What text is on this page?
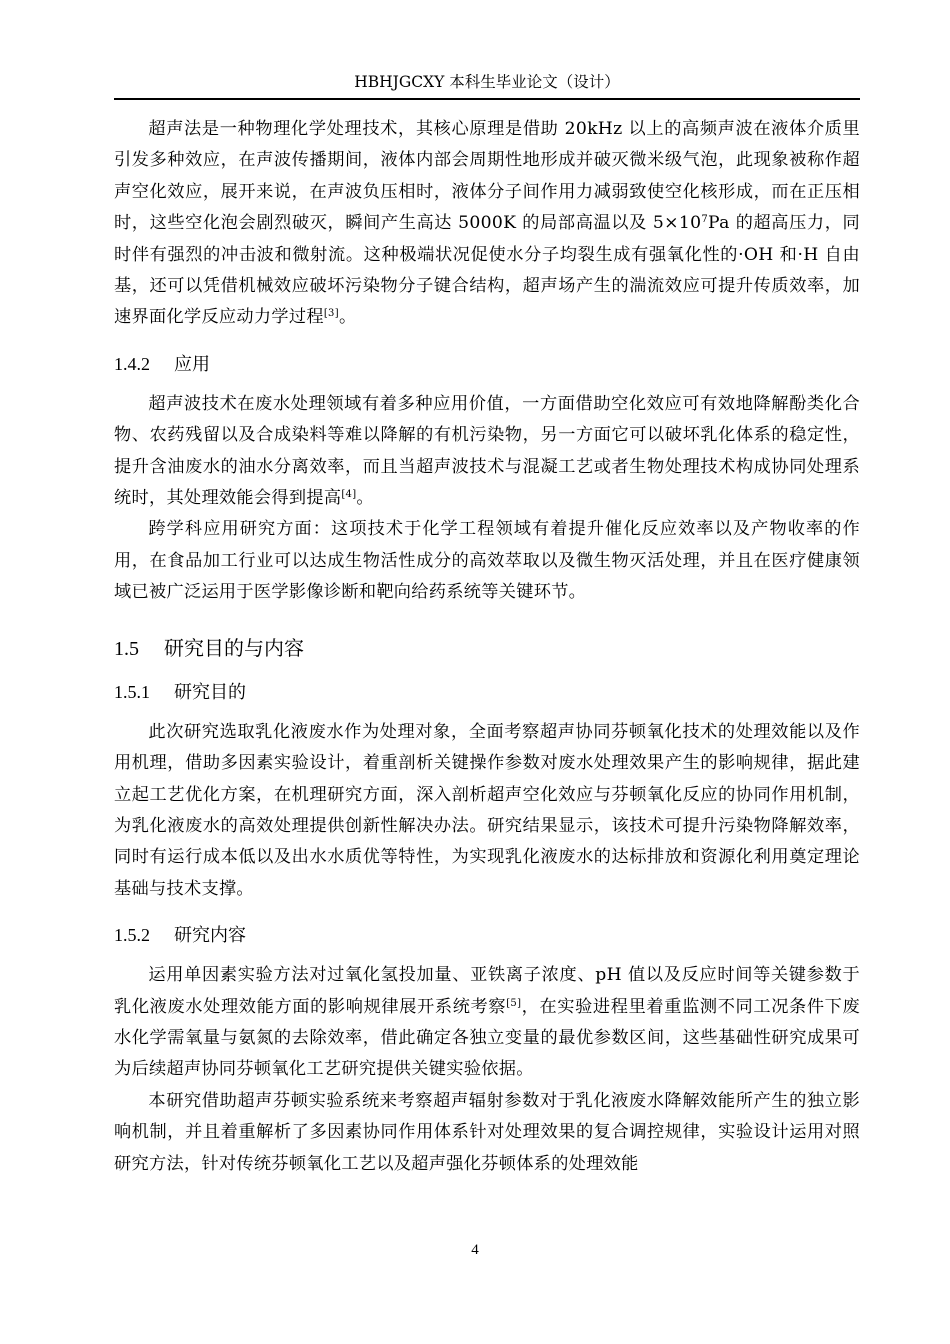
HBHJGCXY 本科生毕业论文（设计）

超声法是一种物理化学处理技术，其核心原理是借助 20kHz 以上的高频声波在液体介质里引发多种效应，在声波传播期间，液体内部会周期性地形成并破灭微米级气泡，此现象被称作超声空化效应，展开来说，在声波负压相时，液体分子间作用力减弱致使空化核形成，而在正压相时，这些空化泡会剧烈破灭，瞬间产生高达 5000K 的局部高温以及 $5\times 10^7Pa$ 的超高压力，同时伴有强烈的冲击波和微射流。这种极端状况促使水分子均裂生成有强氧化性的·OH 和·H 自由基，还可以凭借机械效应破坏污染物分子键合结构，超声场产生的湍流效应可提升传质效率，加速界面化学反应动力学过程[3]。

1.4.2 应用

超声波技术在废水处理领域有着多种应用价值，一方面借助空化效应可有效地降解酚类化合物、农药残留以及合成染料等难以降解的有机污染物，另一方面它可以破坏乳化体系的稳定性，提升含油废水的油水分离效率，而且当超声波技术与混凝工艺或者生物处理技术构成协同处理系统时，其处理效能会得到提高[4]。

跨学科应用研究方面：这项技术于化学工程领域有着提升催化反应效率以及产物收率的作用，在食品加工行业可以达成生物活性成分的高效萃取以及微生物灭活处理，并且在医疗健康领域已被广泛运用于医学影像诊断和靶向给药系统等关键环节。

1.5 研究目的与内容
1.5.1 研究目的

此次研究选取乳化液废水作为处理对象，全面考察超声协同芬顿氧化技术的处理效能以及作用机理，借助多因素实验设计，着重剖析关键操作参数对废水处理效果产生的影响规律，据此建立起工艺优化方案，在机理研究方面，深入剖析超声空化效应与芬顿氧化反应的协同作用机制，为乳化液废水的高效处理提供创新性解决办法。研究结果显示，该技术可提升污染物降解效率，同时有运行成本低以及出水水质优等特性，为实现乳化液废水的达标排放和资源化利用奠定理论基础与技术支撑。

1.5.2 研究内容

运用单因素实验方法对过氧化氢投加量、亚铁离子浓度、pH 值以及反应时间等关键参数于乳化液废水处理效能方面的影响规律展开系统考察[5]，在实验进程里着重监测不同工况条件下废水化学需氧量与氨氮的去除效率，借此确定各独立变量的最优参数区间，这些基础性研究成果可为后续超声协同芬顿氧化工艺研究提供关键实验依据。

本研究借助超声芬顿实验系统来考察超声辐射参数对于乳化液废水降解效能所产生的独立影响机制，并且着重解析了多因素协同作用体系针对处理效果的复合调控规律，实验设计运用对照研究方法，针对传统芬顿氧化工艺以及超声强化芬顿体系的处理效能

4
